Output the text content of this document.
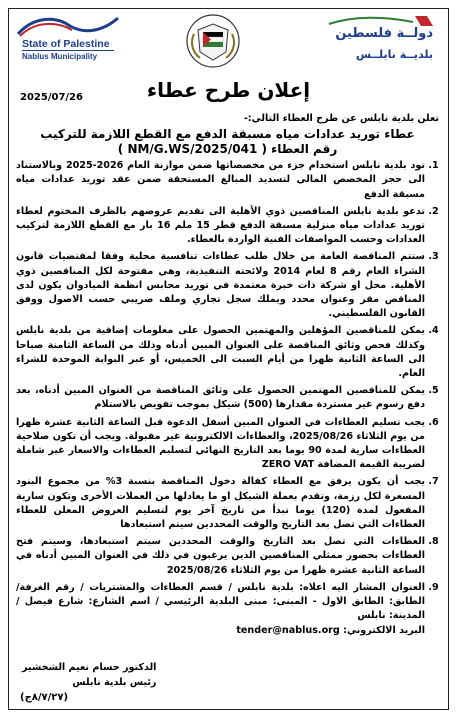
State of Palestine
Nablus Municipality
دولــة فلسطين
بلديــة نابلــس
إعلان طرح عطاء
2025/07/26
تعلن بلدية نابلس عن طرح العطاء التالي:-
عطاء توريد عدادات مياه مسبقة الدفع مع القطع اللازمة للتركيب
رقم العطاء ( NM/G.WS/2025/041 )
1. تود بلدية نابلس استخدام جزء من مخصصاتها ضمن موازنة العام 2026-2025 وبالاستناد الى حجز المخصص المالي لتسديد المبالغ المستحقة ضمن عقد توريد عدادات مياه مسبقة الدفع
2. تدعو بلدية نابلس المناقصين ذوي الأهلية الى تقديم عروضهم بالظرف المختوم لعطاء توريد عدادات مياه منزلية مسبقة الدفع قطر 15 ملم 16 بار مع القطع اللازمة لتركيب العدادات وحسب المواصفات الفنية الواردة بالعطاء.
3. ستتم المناقصة العامة من خلال طلب عطاءات تنافسية محلية وفقا لمقتضيات قانون الشراء العام رقم 8 لعام 2014 ولائحته التنفيذية، وهي مفتوحة لكل المناقصين ذوي الأهلية. محل او شركة ذات خبرة معتمدة في توريد محابس انظمة الميادوان يكون لدى المناقص مقر وعنوان محدد ويملك سجل تجاري وملف ضريبي حسب الاصول ووفق القانون الفلسطيني.
4. يمكن للمناقصين المؤهلين والمهتمين الحصول على معلومات إضافية من بلدية نابلس وكذلك فحص وثائق المناقصة على العنوان المبين أدناه وذلك من الساعة الثامنة صباحا الى الساعة الثانية ظهرا من أيام السبت الى الخميس، أو عبر البوابة الموحدة للشراء العام.
5. يمكن للمناقصين المهتمين الحصول على وثائق المناقصة من العنوان المبين أدناه، بعد دفع رسوم غير مستردة مقدارها (500) شيكل بموجب تفويض بالاستلام
6. يجب تسليم العطاءات في العنوان المبين أسفل الدعوة قبل الساعة الثانية عشرة ظهرا من يوم الثلاثاء 2025/08/26، والعطاءات الالكترونية غير مقبولة. ويجب أن تكون صلاحية العطاءات سارية لمدة 90 يوما بعد التاريخ النهائي لتسليم العطاءات والاسعار غير شاملة لضريبة القيمة المضافة ZERO VAT
7. يجب أن يكون يرفق مع العطاء كفالة دخول المناقصة بنسبة 3% من مجموع البنود المسعرة لكل رزمة، وتقدم بعملة الشيكل او ما يعادلها من العملات الأخرى وتكون سارية المفعول لمدة (120) يوما تبدأ من تاريخ آخر يوم لتسليم العروض المعلن للعطاء العطاءات التي تصل بعد التاريخ والوقت المحددين سيتم استبعادها
8. العطاءات التي تصل بعد التاريخ والوقت المحددين سيتم استبعادها، وسيتم فتح العطاءات بحضور ممثلي المناقصين الذين يرغبون في ذلك في العنوان المبين أدناه في الساعة الثانية عشرة ظهرا من يوم الثلاثاء 2025/08/26
9. العنوان المشار اليه اعلاه: بلدية نابلس / قسم العطاءات والمشتريات / رقم الغرفة/ الطابق: الطابق الاول - المبنى: مبنى البلدية الرئيسي / اسم الشارع: شارع فيصل / المدينة: نابلس
البريد الالكتروني: tender@nablus.org
الدكتور حسام نعيم الشخشير
رئيس بلدية نابلس
(٨/٧/٢٧ج)
